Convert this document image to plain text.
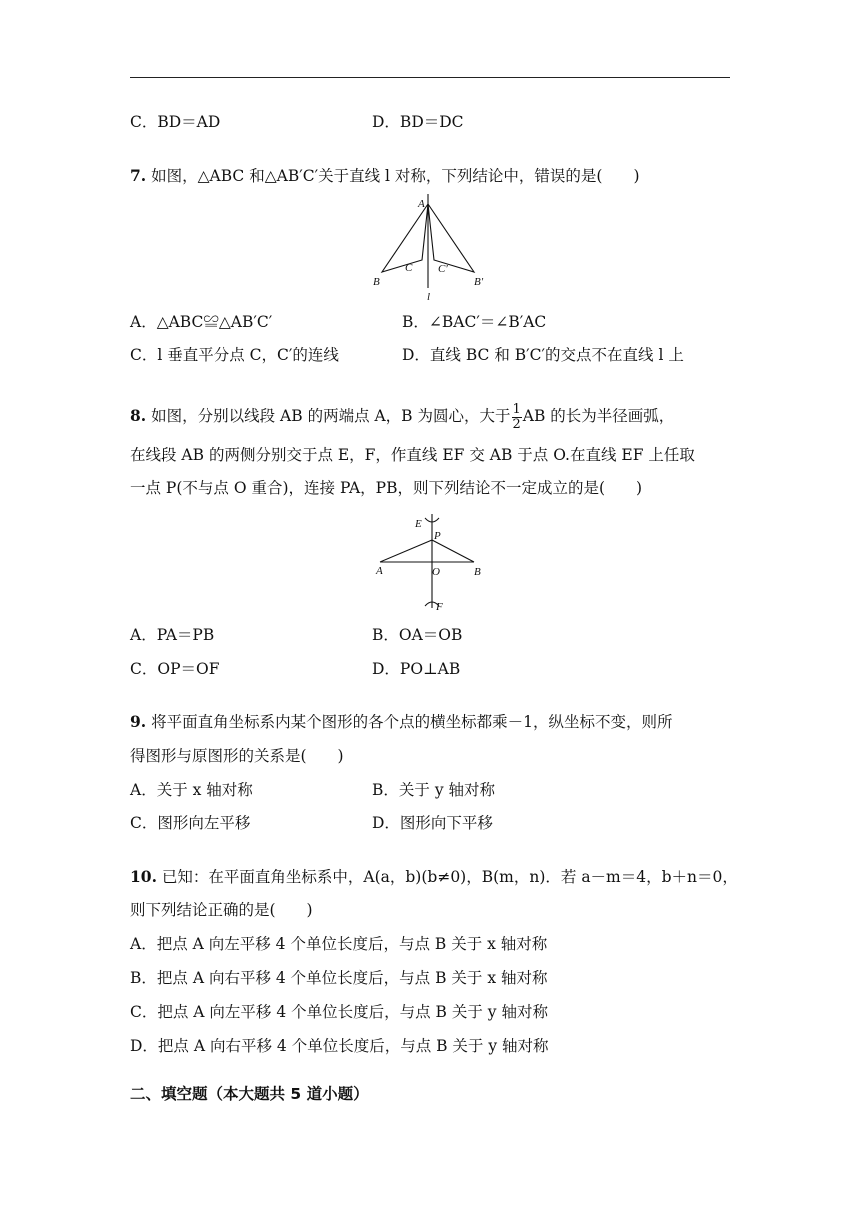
C．BD＝AD	D．BD＝DC
7. 如图，△ABC 和△AB′C′关于直线 l 对称，下列结论中，错误的是(　　)
A
B
C C′
B′
l
A．△ABC≌△AB′C′	B．∠BAC′＝∠B′AC
C．l 垂直平分点 C，C′的连线	D．直线 BC 和 B′C′的交点不在直线 l 上
8. 如图，分别以线段 AB 的两端点 A，B 为圆心，大于 $\frac{1}{2}$ AB 的长为半径画弧，
在线段 AB 的两侧分别交于点 E，F，作直线 EF 交 AB 于点 O.在直线 EF 上任取
一点 P(不与点 O 重合)，连接 PA，PB，则下列结论不一定成立的是(　　)
E
P
A	O	B
F
A．PA＝PB	B．OA＝OB
C．OP＝OF	D．PO⊥AB
9. 将平面直角坐标系内某个图形的各个点的横坐标都乘－1，纵坐标不变，则所
得图形与原图形的关系是(　　)
A．关于 x 轴对称	B．关于 y 轴对称
C．图形向左平移	D．图形向下平移
10. 已知：在平面直角坐标系中，A(a，b)(b≠0)，B(m，n)．若 a－m＝4，b＋n＝0，
则下列结论正确的是(　　)
A．把点 A 向左平移 4 个单位长度后，与点 B 关于 x 轴对称
B．把点 A 向右平移 4 个单位长度后，与点 B 关于 x 轴对称
C．把点 A 向左平移 4 个单位长度后，与点 B 关于 y 轴对称
D．把点 A 向右平移 4 个单位长度后，与点 B 关于 y 轴对称
二、填空题（本大题共 5 道小题）
